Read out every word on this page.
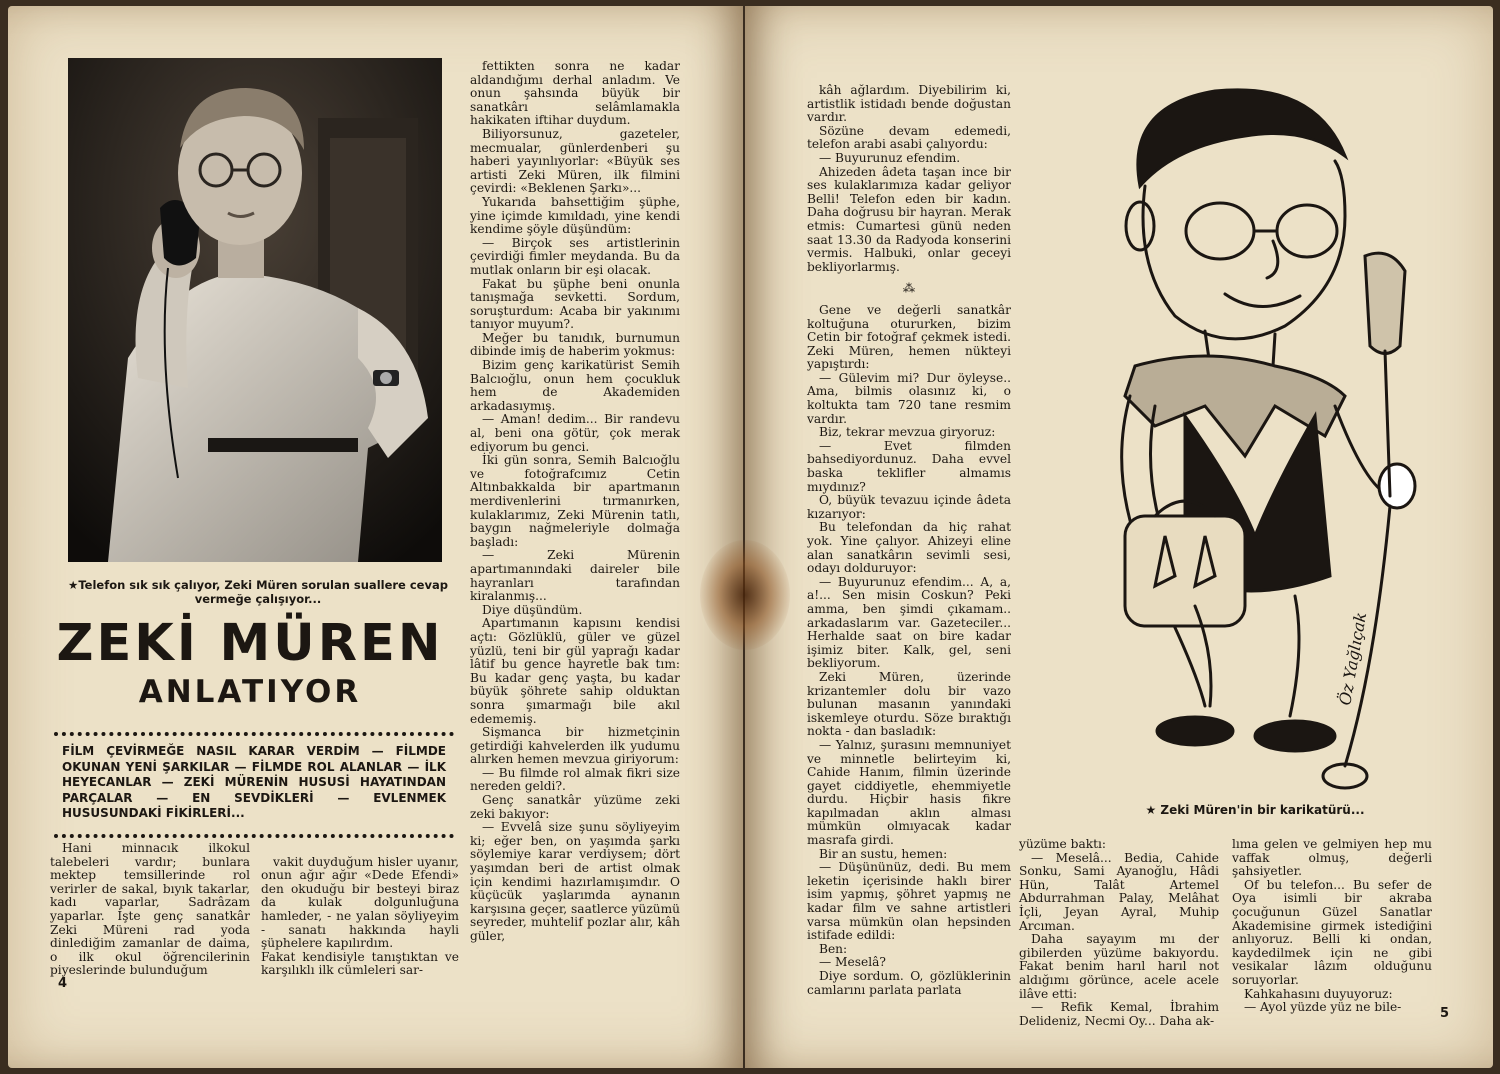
★Telefon sık sık çalıyor, Zeki Müren sorulan suallere cevap vermeğe çalışıyor...
ZEKİ MÜREN
ANLATIYOR
FİLM ÇEVİRMEĞE NASIL KARAR VERDİM — FİLMDE OKUNAN YENİ ŞARKILAR — FİLMDE ROL ALANLAR — İLK HEYECANLAR — ZEKİ MÜRENİN HUSUSİ HAYATINDAN PARÇALAR — EN SEVDİKLERİ — EVLENMEK HUSUSUNDAKİ FİKİRLERİ...

Hani minnacık ilkokul talebeleri vardır; bunlara mektep temsillerinde rol verirler de sakal, bıyık takarlar, kadı vaparlar, Sadrâzam yaparlar. İşte genç sanatkâr Zeki Müreni rad yoda dinlediğim zamanlar de daima, o ilk okul öğrencilerinin piyeslerinde bulunduğum

vakit duyduğum hisler uyanır, onun ağır ağır «Dede Efendi» den okuduğu bir besteyi biraz da kulak dolgunluğuna hamleder, - ne yalan söyliyeyim - sanatı hakkında hayli şüphelere kapılırdım.
Fakat kendisiyle tanıştıktan ve karşılıklı ilk cümleleri sar-

fettikten sonra ne kadar aldandığımı derhal anladım. Ve onun şahsında büyük bir sanatkârı selâmlamakla hakikaten iftihar duydum.

Biliyorsunuz, gazeteler, mecmualar, günlerdenberi şu haberi yayınlıyorlar: «Büyük ses artisti Zeki Müren, ilk filmini çevirdi: «Beklenen Şarkı»...

Yukarıda bahsettiğim şüphe, yine içimde kımıldadı, yine kendi kendime şöyle düşündüm:

— Birçok ses artistlerinin çevirdiği fimler meydanda. Bu da mutlak onların bir eşi olacak.

Fakat bu şüphe beni onunla tanışmağa sevketti. Sordum, soruşturdum: Acaba bir yakınımı tanıyor muyum?.

Meğer bu tanıdık, burnumun dibinde imiş de haberim yokmus:

Bizim genç karikatürist Semih Balcıoğlu, onun hem çocukluk hem de Akademiden arkadasıymış.

— Aman! dedim... Bir randevu al, beni ona götür, çok merak ediyorum bu genci.

İki gün sonra, Semih Balcıoğlu ve fotoğrafcımız Cetin Altınbakkalda bir apartmanın merdivenlerini tırmanırken, kulaklarımız, Zeki Mürenin tatlı, baygın nağmeleriyle dolmağa başladı:

— Zeki Mürenin apartımanındaki daireler bile hayranları tarafından kiralanmış...

Diye düşündüm.

Apartımanın kapısını kendisi açtı: Gözlüklü, güler ve güzel yüzlü, teni bir gül yaprağı kadar lâtif bu gence hayretle bak tım: Bu kadar genç yaşta, bu kadar büyük şöhrete sahip olduktan sonra şımarmağı bile akıl edememiş.

Sişmanca bir hizmetçinin getirdiği kahvelerden ilk yudumu alırken hemen mevzua giriyorum:

— Bu filmde rol almak fikri size nereden geldi?.

Genç sanatkâr yüzüme zeki zeki bakıyor:

— Evvelâ size şunu söyliyeyim ki; eğer ben, on yaşımda şarkı söylemiye karar verdiysem; dört yaşımdan beri de artist olmak için kendimi hazırlamışımdır. O küçücük yaşlarımda aynanın karşısına geçer, saatlerce yüzümü seyreder, muhtelif pozlar alır, kâh güler,

4

kâh ağlardım. Diyebilirim ki, artistlik istidadı bende doğustan vardır.

Sözüne devam edemedi, telefon arabi asabi çalıyordu:

— Buyurunuz efendim.

Ahizeden âdeta taşan ince bir ses kulaklarımıza kadar geliyor Belli! Telefon eden bir kadın. Daha doğrusu bir hayran. Merak etmis: Cumartesi günü neden saat 13.30 da Radyoda konserini vermis. Halbuki, onlar geceyi bekliyorlarmış.

⁂

Gene ve değerli sanatkâr koltuğuna otururken, bizim Cetin bir fotoğraf çekmek istedi. Zeki Müren, hemen nükteyi yapıştırdı:

— Gülevim mi? Dur öyleyse.. Ama, bilmis olasınız ki, o koltukta tam 720 tane resmim vardır.

Biz, tekrar mevzua giryoruz:

— Evet filmden bahsediyordunuz. Daha evvel baska teklifler almamıs mıydınız?

O, büyük tevazuu içinde âdeta kızarıyor:

Bu telefondan da hiç rahat yok. Yine çalıyor. Ahizeyi eline alan sanatkârın sevimli sesi, odayı dolduruyor:

— Buyurunuz efendim... A, a, a!... Sen misin Coskun? Peki amma, ben şimdi çıkamam.. arkadaslarım var. Gazeteciler... Herhalde saat on bire kadar işimiz biter. Kalk, gel, seni bekliyorum.

Zeki Müren, üzerinde krizantemler dolu bir vazo bulunan masanın yanındaki iskemleye oturdu. Söze bıraktığı nokta - dan basladık:

— Yalnız, şurasını memnuniyet ve minnetle belirteyim ki, Cahide Hanım, filmin üzerinde gayet ciddiyetle, ehemmiyetle durdu. Hiçbir hasis fikre kapılmadan aklın alması mümkün olmıyacak kadar masrafa girdi.

Bir an sustu, hemen:

— Düşününüz, dedi. Bu mem leketin içerisinde haklı birer isim yapmış, şöhret yapmış ne kadar film ve sahne artistleri varsa mümkün olan hepsinden istifade edildi:

Ben:

— Meselâ?

Diye sordum. O, gözlüklerinin camlarını parlata parlata

Öz Yağlıçak
★ Zeki Müren'in bir karikatürü...

yüzüme baktı:

— Meselâ... Bedia, Cahide Sonku, Sami Ayanoğlu, Hâdi Hün, Talât Artemel Abdurrahman Palay, Melâhat İçli, Jeyan Ayral, Muhip Arcıman.

Daha sayayım mı der gibilerden yüzüme bakıyordu. Fakat benim harıl harıl not aldığımı görünce, acele acele ilâve etti:

— Refik Kemal, İbrahim Delideniz, Necmi Oy... Daha ak-

lıma gelen ve gelmiyen hep mu vaffak olmuş, değerli şahsiyetler.

Of bu telefon... Bu sefer de Oya isimli bir akraba çocuğunun Güzel Sanatlar Akademisine girmek istediğini anlıyoruz. Belli ki ondan, kaydedilmek için ne gibi vesikalar lâzım olduğunu soruyorlar.

Kahkahasını duyuyoruz:

— Ayol yüzde yüz ne bile-	5
